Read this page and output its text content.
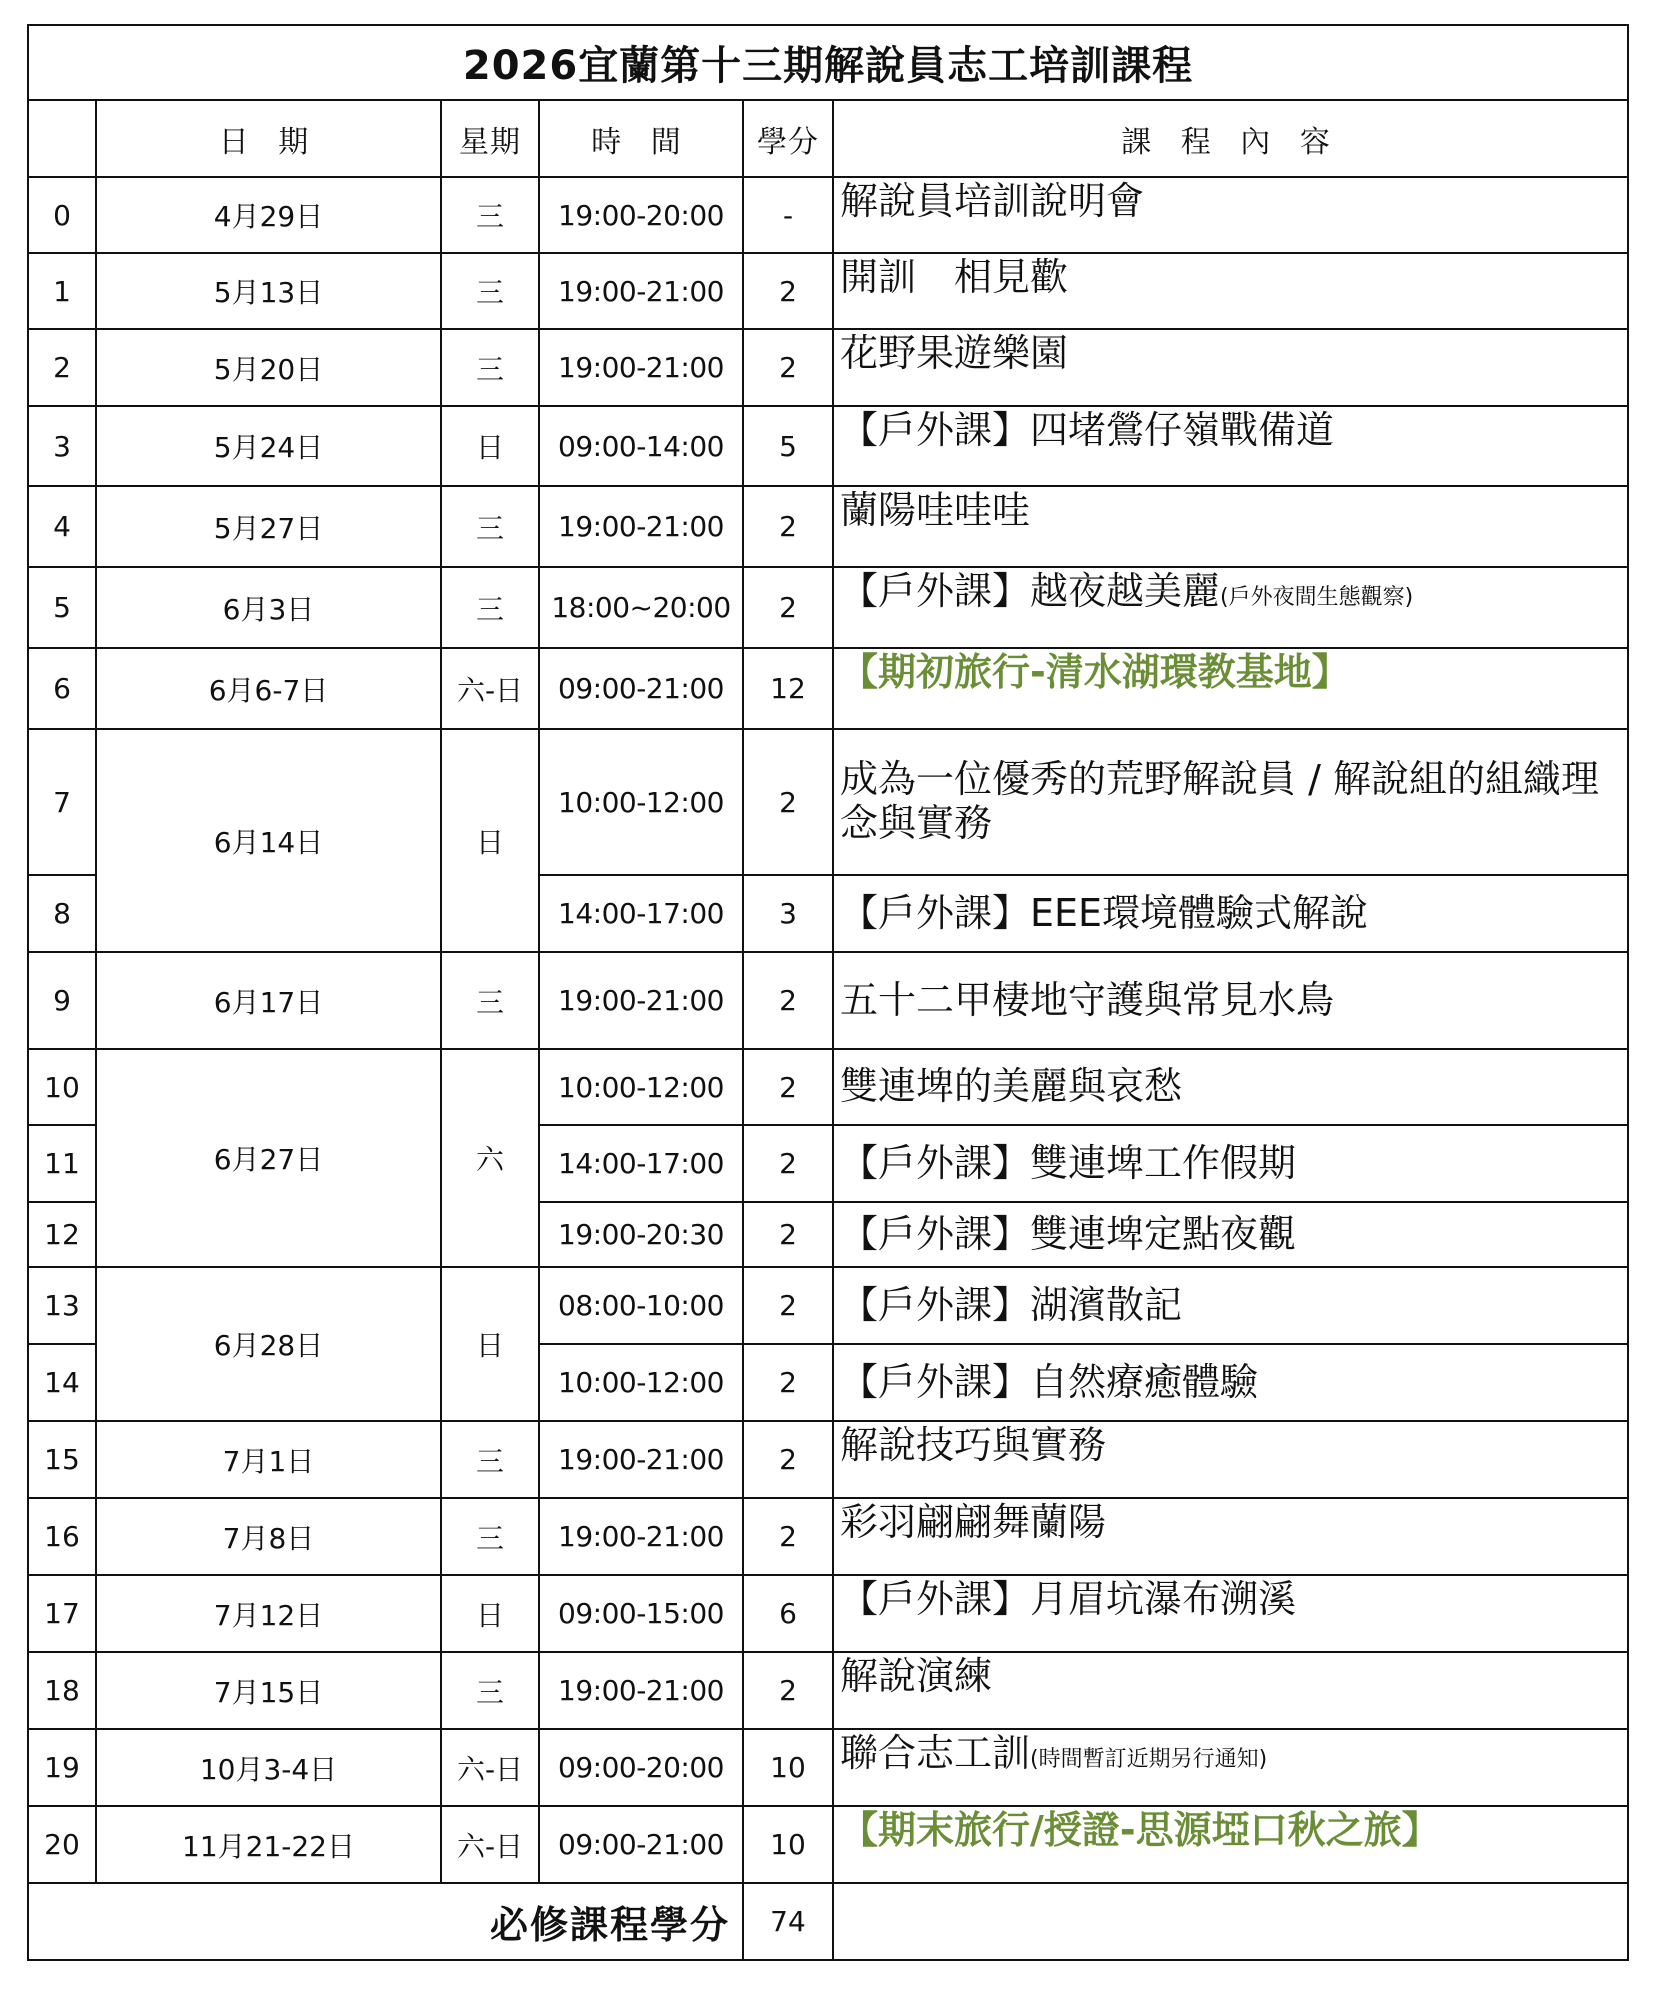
2026宜蘭第十三期解說員志工培訓課程					
	日 期	星期	時 間	學分	課 程 內 容
0	4月29日	三	19:00-20:00	-	解說員培訓說明會
1	5月13日	三	19:00-21:00	2	開訓　相見歡
2	5月20日	三	19:00-21:00	2	花野果遊樂園
3	5月24日	日	09:00-14:00	5	【戶外課】四堵鶯仔嶺戰備道
4	5月27日	三	19:00-21:00	2	蘭陽哇哇哇
5	6月3日	三	18:00~20:00	2	【戶外課】越夜越美麗(戶外夜間生態觀察)
6	6月6-7日	六-日	09:00-21:00	12	【期初旅行-清水湖環教基地】
7	6月14日	日	10:00-12:00	2	成為一位優秀的荒野解說員 / 解說組的組織理念與實務
8			14:00-17:00	3	【戶外課】EEE環境體驗式解說
9	6月17日	三	19:00-21:00	2	五十二甲棲地守護與常見水鳥
10	6月27日	六	10:00-12:00	2	雙連埤的美麗與哀愁
11			14:00-17:00	2	【戶外課】雙連埤工作假期
12			19:00-20:30	2	【戶外課】雙連埤定點夜觀
13	6月28日	日	08:00-10:00	2	【戶外課】湖濱散記
14			10:00-12:00	2	【戶外課】自然療癒體驗
15	7月1日	三	19:00-21:00	2	解說技巧與實務
16	7月8日	三	19:00-21:00	2	彩羽翩翩舞蘭陽
17	7月12日	日	09:00-15:00	6	【戶外課】月眉坑瀑布溯溪
18	7月15日	三	19:00-21:00	2	解說演練
19	10月3-4日	六-日	09:00-20:00	10	聯合志工訓(時間暫訂近期另行通知)
20	11月21-22日	六-日	09:00-21:00	10	【期末旅行/授證-思源埡口秋之旅】
必修課程學分				74	
